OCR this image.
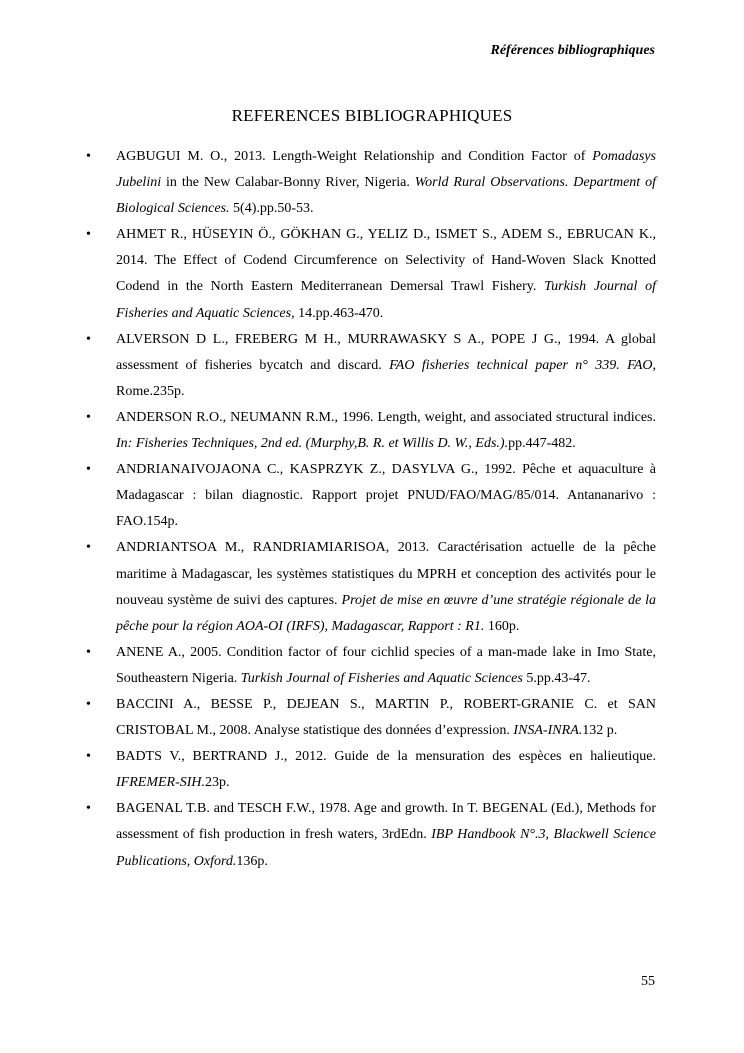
Références bibliographiques
REFERENCES BIBLIOGRAPHIQUES
• AGBUGUI M. O., 2013. Length-Weight Relationship and Condition Factor of Pomadasys Jubelini in the New Calabar-Bonny River, Nigeria. World Rural Observations. Department of Biological Sciences. 5(4).pp.50-53.
• AHMET R., HÜSEYIN Ö., GÖKHAN G., YELIZ D., ISMET S., ADEM S., EBRUCAN K., 2014. The Effect of Codend Circumference on Selectivity of Hand-Woven Slack Knotted Codend in the North Eastern Mediterranean Demersal Trawl Fishery. Turkish Journal of Fisheries and Aquatic Sciences, 14.pp.463-470.
• ALVERSON D L., FREBERG M H., MURRAWASKY S A., POPE J G., 1994. A global assessment of fisheries bycatch and discard. FAO fisheries technical paper n° 339. FAO, Rome.235p.
• ANDERSON R.O., NEUMANN R.M., 1996. Length, weight, and associated structural indices. In: Fisheries Techniques, 2nd ed. (Murphy,B. R. et Willis D. W., Eds.).pp.447-482.
• ANDRIANAIVOJAONA C., KASPRZYK Z., DASYLVA G., 1992. Pêche et aquaculture à Madagascar : bilan diagnostic. Rapport projet PNUD/FAO/MAG/85/014. Antananarivo : FAO.154p.
• ANDRIANTSOA M., RANDRIAMIARISOA, 2013. Caractérisation actuelle de la pêche maritime à Madagascar, les systèmes statistiques du MPRH et conception des activités pour le nouveau système de suivi des captures. Projet de mise en œuvre d’une stratégie régionale de la pêche pour la région AOA-OI (IRFS), Madagascar, Rapport : R1. 160p.
• ANENE A., 2005. Condition factor of four cichlid species of a man-made lake in Imo State, Southeastern Nigeria. Turkish Journal of Fisheries and Aquatic Sciences 5.pp.43-47.
• BACCINI A., BESSE P., DEJEAN S., MARTIN P., ROBERT-GRANIE C. et SAN CRISTOBAL M., 2008. Analyse statistique des données d’expression. INSA-INRA.132 p.
• BADTS V., BERTRAND J., 2012. Guide de la mensuration des espèces en halieutique. IFREMER-SIH.23p.
• BAGENAL T.B. and TESCH F.W., 1978. Age and growth. In T. BEGENAL (Ed.), Methods for assessment of fish production in fresh waters, 3rdEdn. IBP Handbook N°.3, Blackwell Science Publications, Oxford.136p.
55
